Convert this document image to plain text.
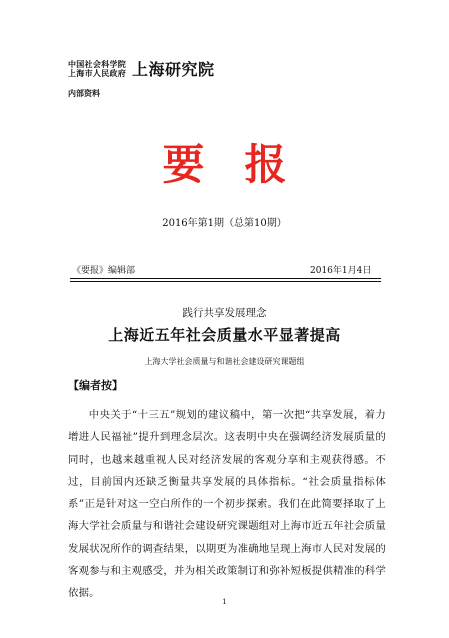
中国社会科学院
上海市人民政府 上海研究院
内部资料
要报
2016年第1期（总第10期）
《要报》编辑部	2016年1月4日
践行共享发展理念
上海近五年社会质量水平显著提高
上海大学社会质量与和谐社会建设研究课题组
【编者按】
中央关于“十三五”规划的建议稿中，第一次把“共享发展，着力增进人民福祉”提升到理念层次。这表明中央在强调经济发展质量的同时，也越来越重视人民对经济发展的客观分享和主观获得感。不过，目前国内还缺乏衡量共享发展的具体指标。“社会质量指标体系”正是针对这一空白所作的一个初步探索。我们在此简要择取了上海大学社会质量与和谐社会建设研究课题组对上海市近五年社会质量发展状况所作的调查结果，以期更为准确地呈现上海市人民对发展的客观参与和主观感受，并为相关政策制订和弥补短板提供精准的科学依据。
1
